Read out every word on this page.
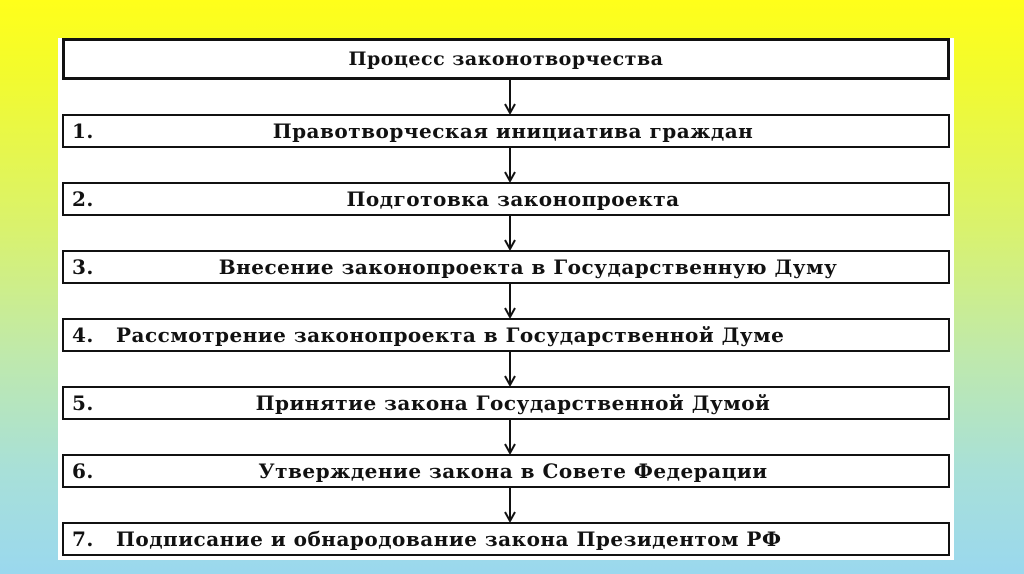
Процесс законотворчества
1.	Правотворческая инициатива граждан
2.	Подготовка законопроекта
3.	Внесение законопроекта в Государственную Думу
4.	Рассмотрение законопроекта в Государственной Думе
5.	Принятие закона Государственной Думой
6.	Утверждение закона в Совете Федерации
7.	Подписание и обнародование закона Президентом РФ
